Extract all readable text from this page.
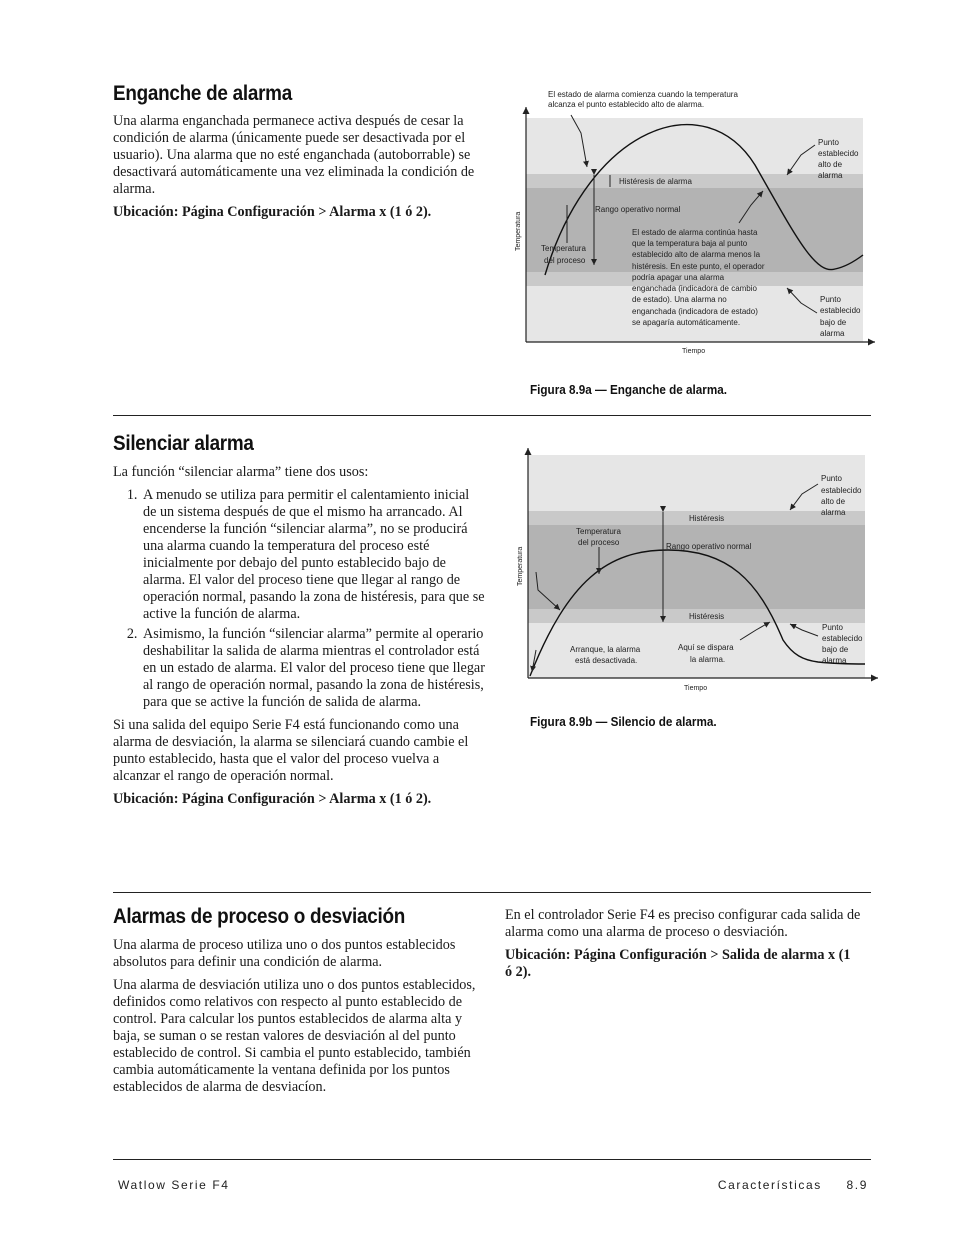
Enganche de alarma

Una alarma enganchada permanece activa después de cesar la condición de alarma (únicamente puede ser desactivada por el usuario). Una alarma que no esté enganchada (autoborrable) se desactivará automáticamente una vez eliminada la condición de alarma.

Ubicación: Página Configuración > Alarma x (1 ó 2).

El estado de alarma comienza cuando la temperatura
alcanza el punto establecido alto de alarma.
Histéresis de alarma
Rango operativo normal
Temperatura
del proceso
El estado de alarma continúa hasta
que la temperatura baja al punto
establecido alto de alarma menos la
histéresis. En este punto, el operador
podría apagar una alarma
enganchada (indicadora de cambio
de estado). Una alarma no
enganchada (indicadora de estado)
se apagaría automáticamente.
Punto
establecido
alto de
alarma
Punto
establecido
bajo de
alarma
Temperatura
Tiempo
Figura 8.9a — Enganche de alarma.
Silenciar alarma

La función “silenciar alarma” tiene dos usos:

1. A menudo se utiliza para permitir el calentamiento inicial de un sistema después de que el mismo ha arrancado. Al encenderse la función “silenciar alarma”, no se producirá una alarma cuando la temperatura del proceso esté inicialmente por debajo del punto establecido bajo de alarma. El valor del proceso tiene que llegar al rango de operación normal, pasando la zona de histéresis, para que se active la función de alarma.
2. Asimismo, la función “silenciar alarma” permite al operario deshabilitar la salida de alarma mientras el controlador está en un estado de alarma. El valor del proceso tiene que llegar al rango de operación normal, pasando la zona de histéresis, para que se active la función de salida de alarma.

Si una salida del equipo Serie F4 está funcionando como una alarma de desviación, la alarma se silenciará cuando cambie el punto establecido, hasta que el valor del proceso vuelva a alcanzar el rango de operación normal.

Ubicación: Página Configuración > Alarma x (1 ó 2).

Histéresis
Histéresis
Rango operativo normal
Temperatura
del proceso
Arranque, la alarma
está desactivada.
Aquí se dispara
la alarma.
Punto
establecido
alto de
alarma
Punto
establecido
bajo de
alarma
Temperatura
Tiempo
Figura 8.9b — Silencio de alarma.
Alarmas de proceso o desviación

Una alarma de proceso utiliza uno o dos puntos establecidos absolutos para definir una condición de alarma.

Una alarma de desviación utiliza uno o dos puntos establecidos, definidos como relativos con respecto al punto establecido de control. Para calcular los puntos establecidos de alarma alta y baja, se suman o se restan valores de desviación al del punto establecido de control. Si cambia el punto establecido, también cambia automáticamente la ventana definida por los puntos establecidos de alarma de desviacíon.

En el controlador Serie F4 es preciso configurar cada salida de alarma como una alarma de proceso o desviación.

Ubicación: Página Configuración > Salida de alarma x (1 ó 2).

Watlow Serie F4	Características     8.9
